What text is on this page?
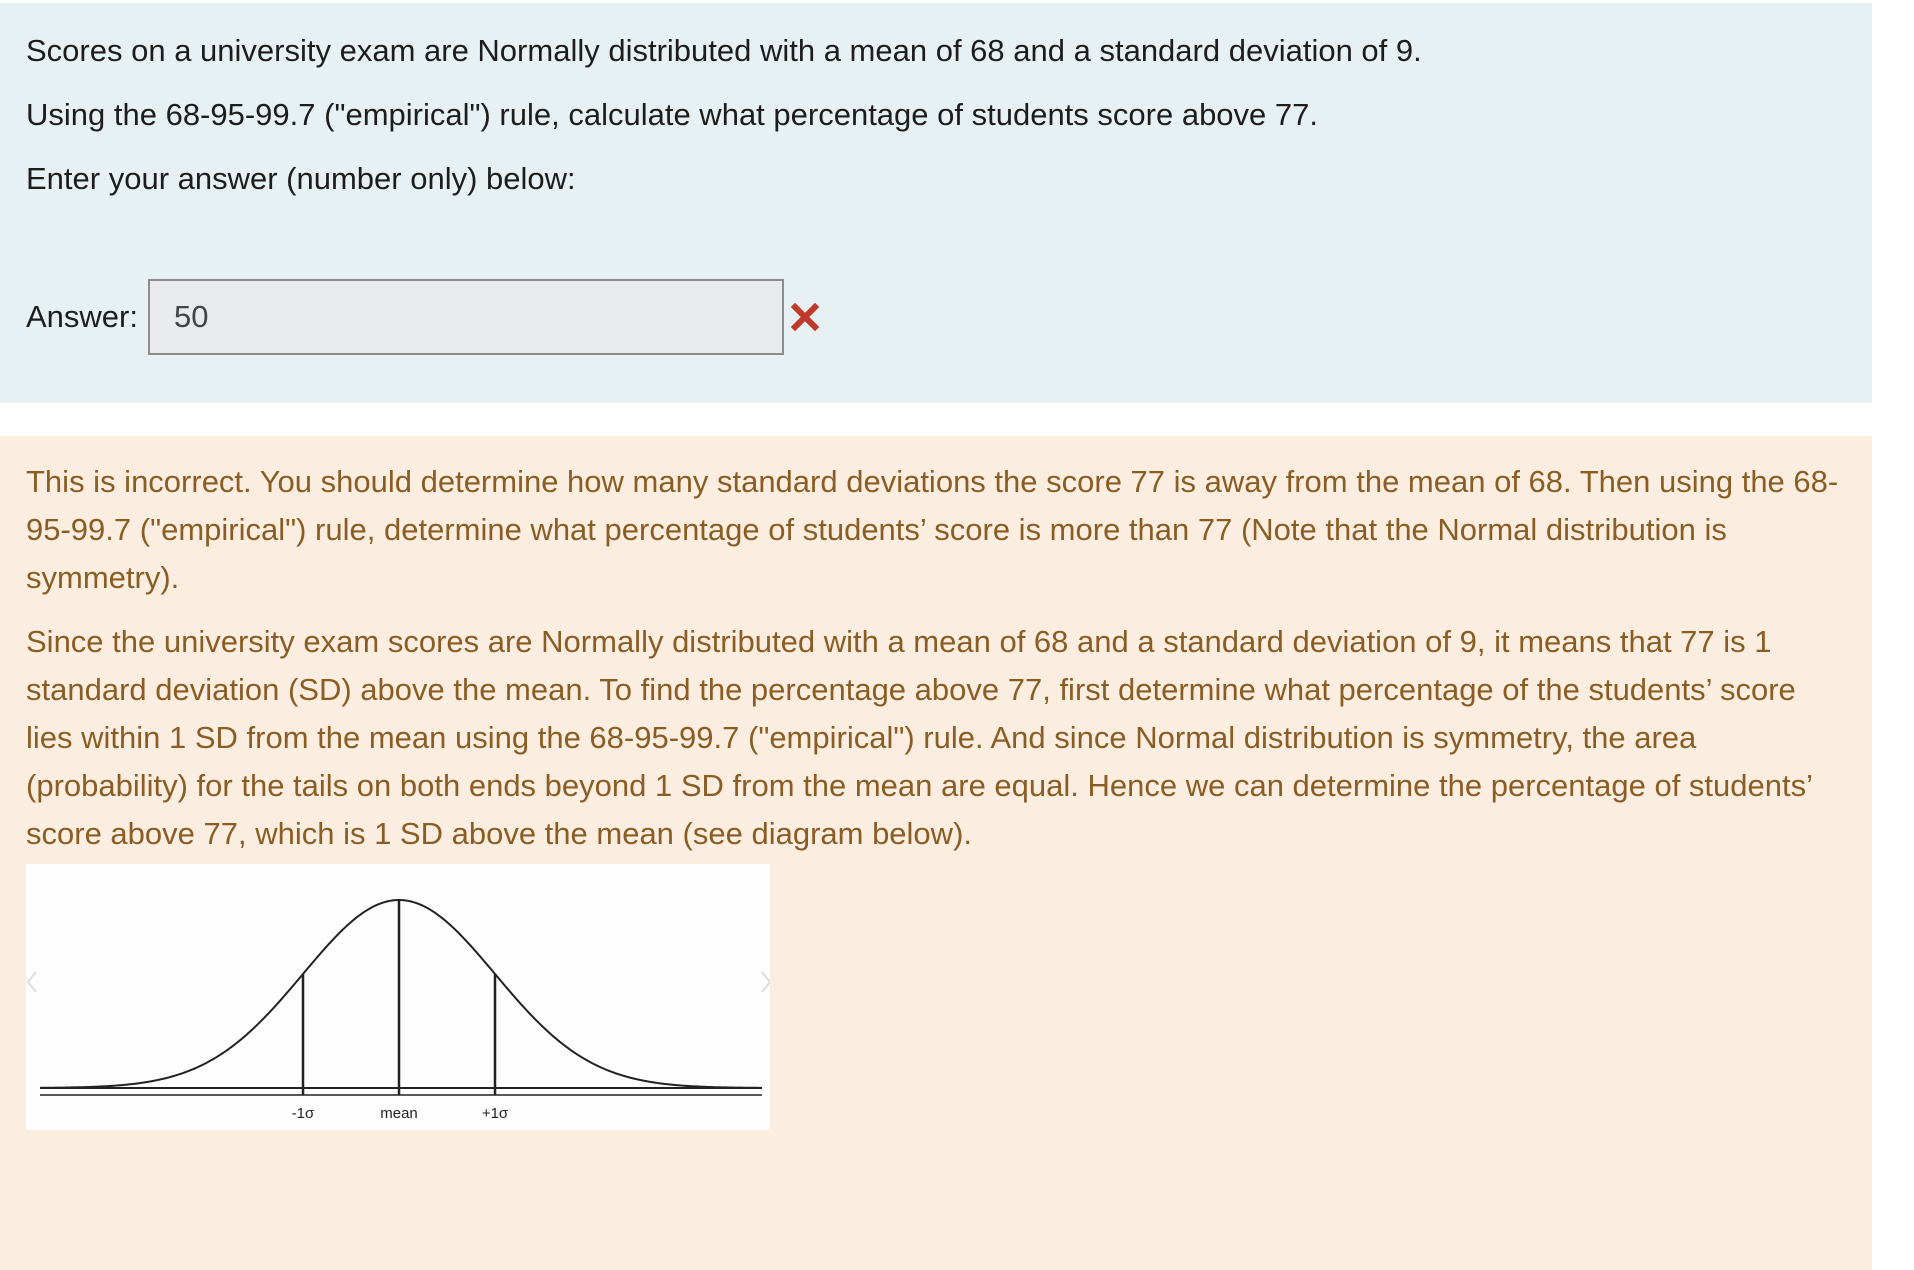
Scores on a university exam are Normally distributed with a mean of 68 and a standard deviation of 9.

Using the 68-95-99.7 ("empirical") rule, calculate what percentage of students score above 77.

Enter your answer (number only) below:

Answer:
50

This is incorrect. You should determine how many standard deviations the score 77 is away from the mean of 68. Then using the 68-95-99.7 ("empirical") rule, determine what percentage of students’ score is more than 77 (Note that the Normal distribution is symmetry).

Since the university exam scores are Normally distributed with a mean of 68 and a standard deviation of 9, it means that 77 is 1 standard deviation (SD) above the mean. To find the percentage above 77, first determine what percentage of the students’ score lies within 1 SD from the mean using the 68-95-99.7 ("empirical") rule. And since Normal distribution is symmetry, the area (probability) for the tails on both ends beyond 1 SD from the mean are equal. Hence we can determine the percentage of students’ score above 77, which is 1 SD above the mean (see diagram below).

-1σ	mean	+1σ
